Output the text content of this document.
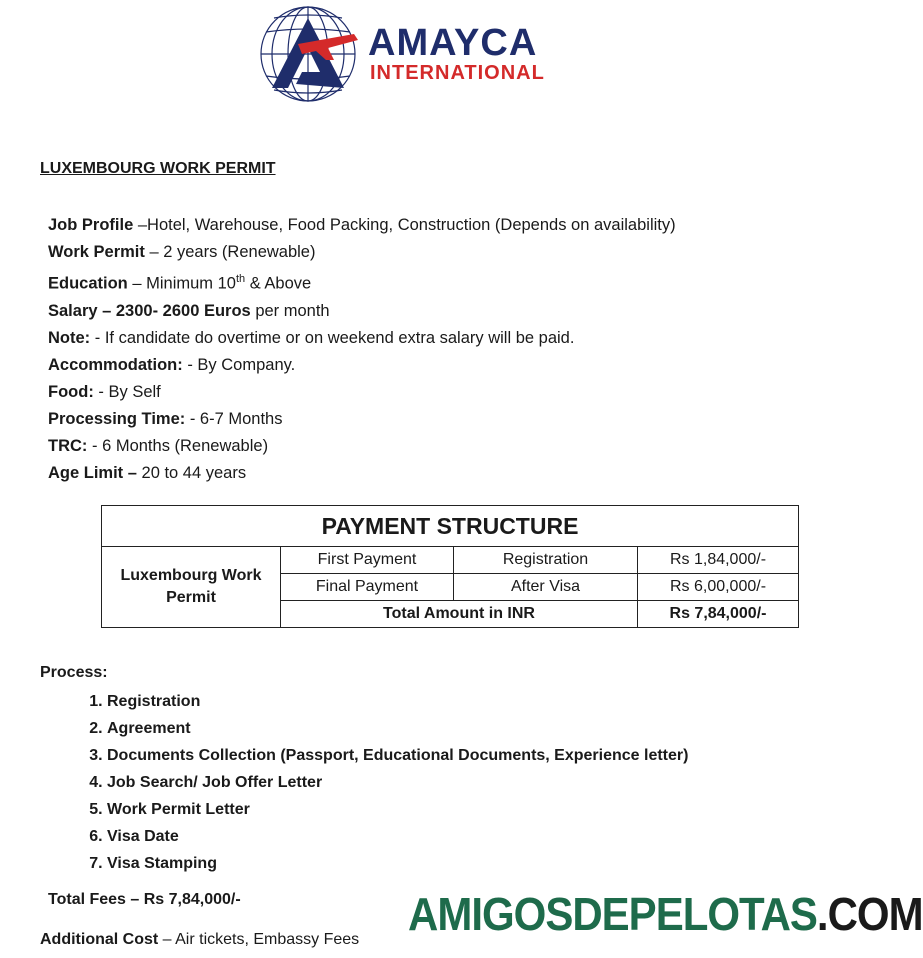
AMAYCA
INTERNATIONAL
LUXEMBOURG WORK PERMIT
Job Profile –Hotel, Warehouse, Food Packing, Construction (Depends on availability)
Work Permit – 2 years (Renewable)
Education – Minimum 10th & Above
Salary – 2300- 2600 Euros per month
Note: - If candidate do overtime or on weekend extra salary will be paid.
Accommodation: - By Company.
Food: - By Self
Processing Time: - 6-7 Months
TRC: - 6 Months (Renewable)
Age Limit – 20 to 44 years
PAYMENT STRUCTURE			
Luxembourg Work Permit	First Payment	Registration	Rs 1,84,000/-
	Final Payment	After Visa	Rs 6,00,000/-
	Total Amount in INR		Rs 7,84,000/-
Process:
1. Registration
2. Agreement
3. Documents Collection (Passport, Educational Documents, Experience letter)
4. Job Search/ Job Offer Letter
5. Work Permit Letter
6. Visa Date
7. Visa Stamping
Total Fees – Rs 7,84,000/-
Additional Cost – Air tickets, Embassy Fees AMIGOSDEPELOTAS.COM
